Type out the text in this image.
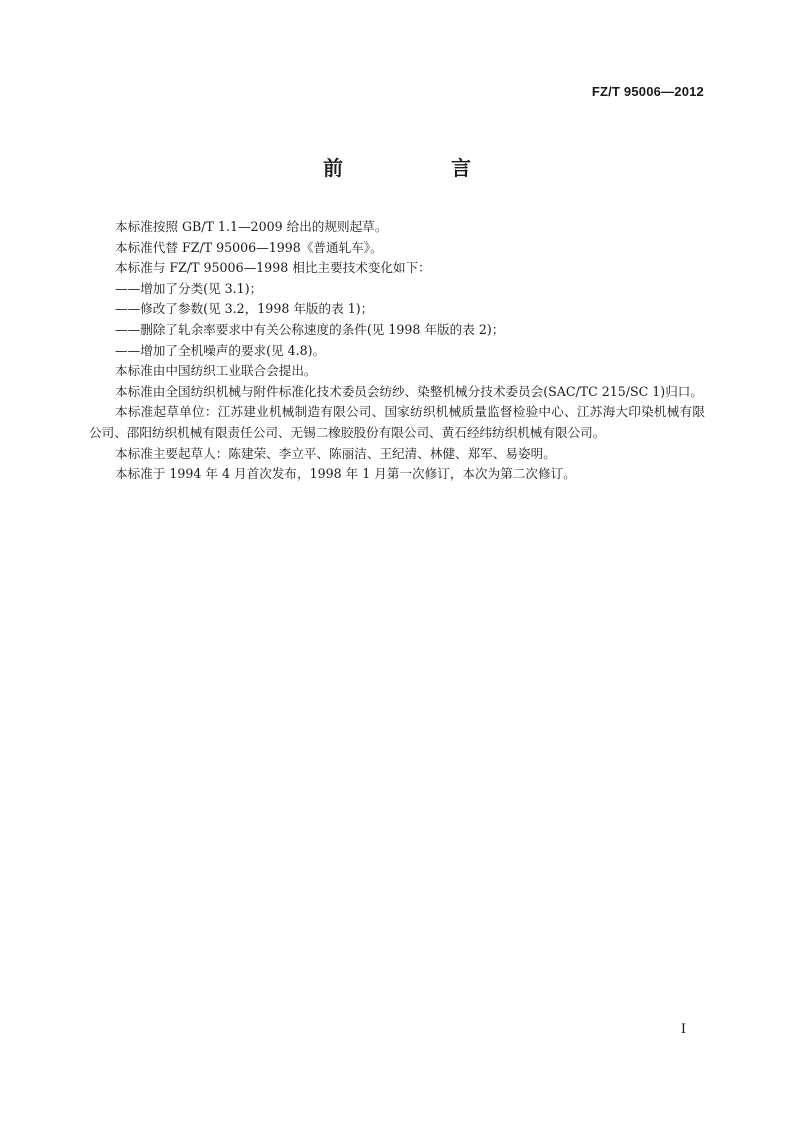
FZ/T 95006—2012
前　言

本标准按照 GB/T 1.1—2009 给出的规则起草。

本标准代替 FZ/T 95006—1998《普通轧车》。

本标准与 FZ/T 95006—1998 相比主要技术变化如下：

——增加了分类(见 3.1)；

——修改了参数(见 3.2，1998 年版的表 1)；

——删除了轧余率要求中有关公称速度的条件(见 1998 年版的表 2)；

——增加了全机噪声的要求(见 4.8)。

本标准由中国纺织工业联合会提出。

本标准由全国纺织机械与附件标准化技术委员会纺纱、染整机械分技术委员会(SAC/TC 215/SC 1)归口。

本标准起草单位：江苏建业机械制造有限公司、国家纺织机械质量监督检验中心、江苏海大印染机械有限公司、邵阳纺织机械有限责任公司、无锡二橡胶股份有限公司、黄石经纬纺织机械有限公司。

本标准主要起草人：陈建荣、李立平、陈丽洁、王纪清、林健、郑军、易姿明。

本标准于 1994 年 4 月首次发布，1998 年 1 月第一次修订，本次为第二次修订。

I
